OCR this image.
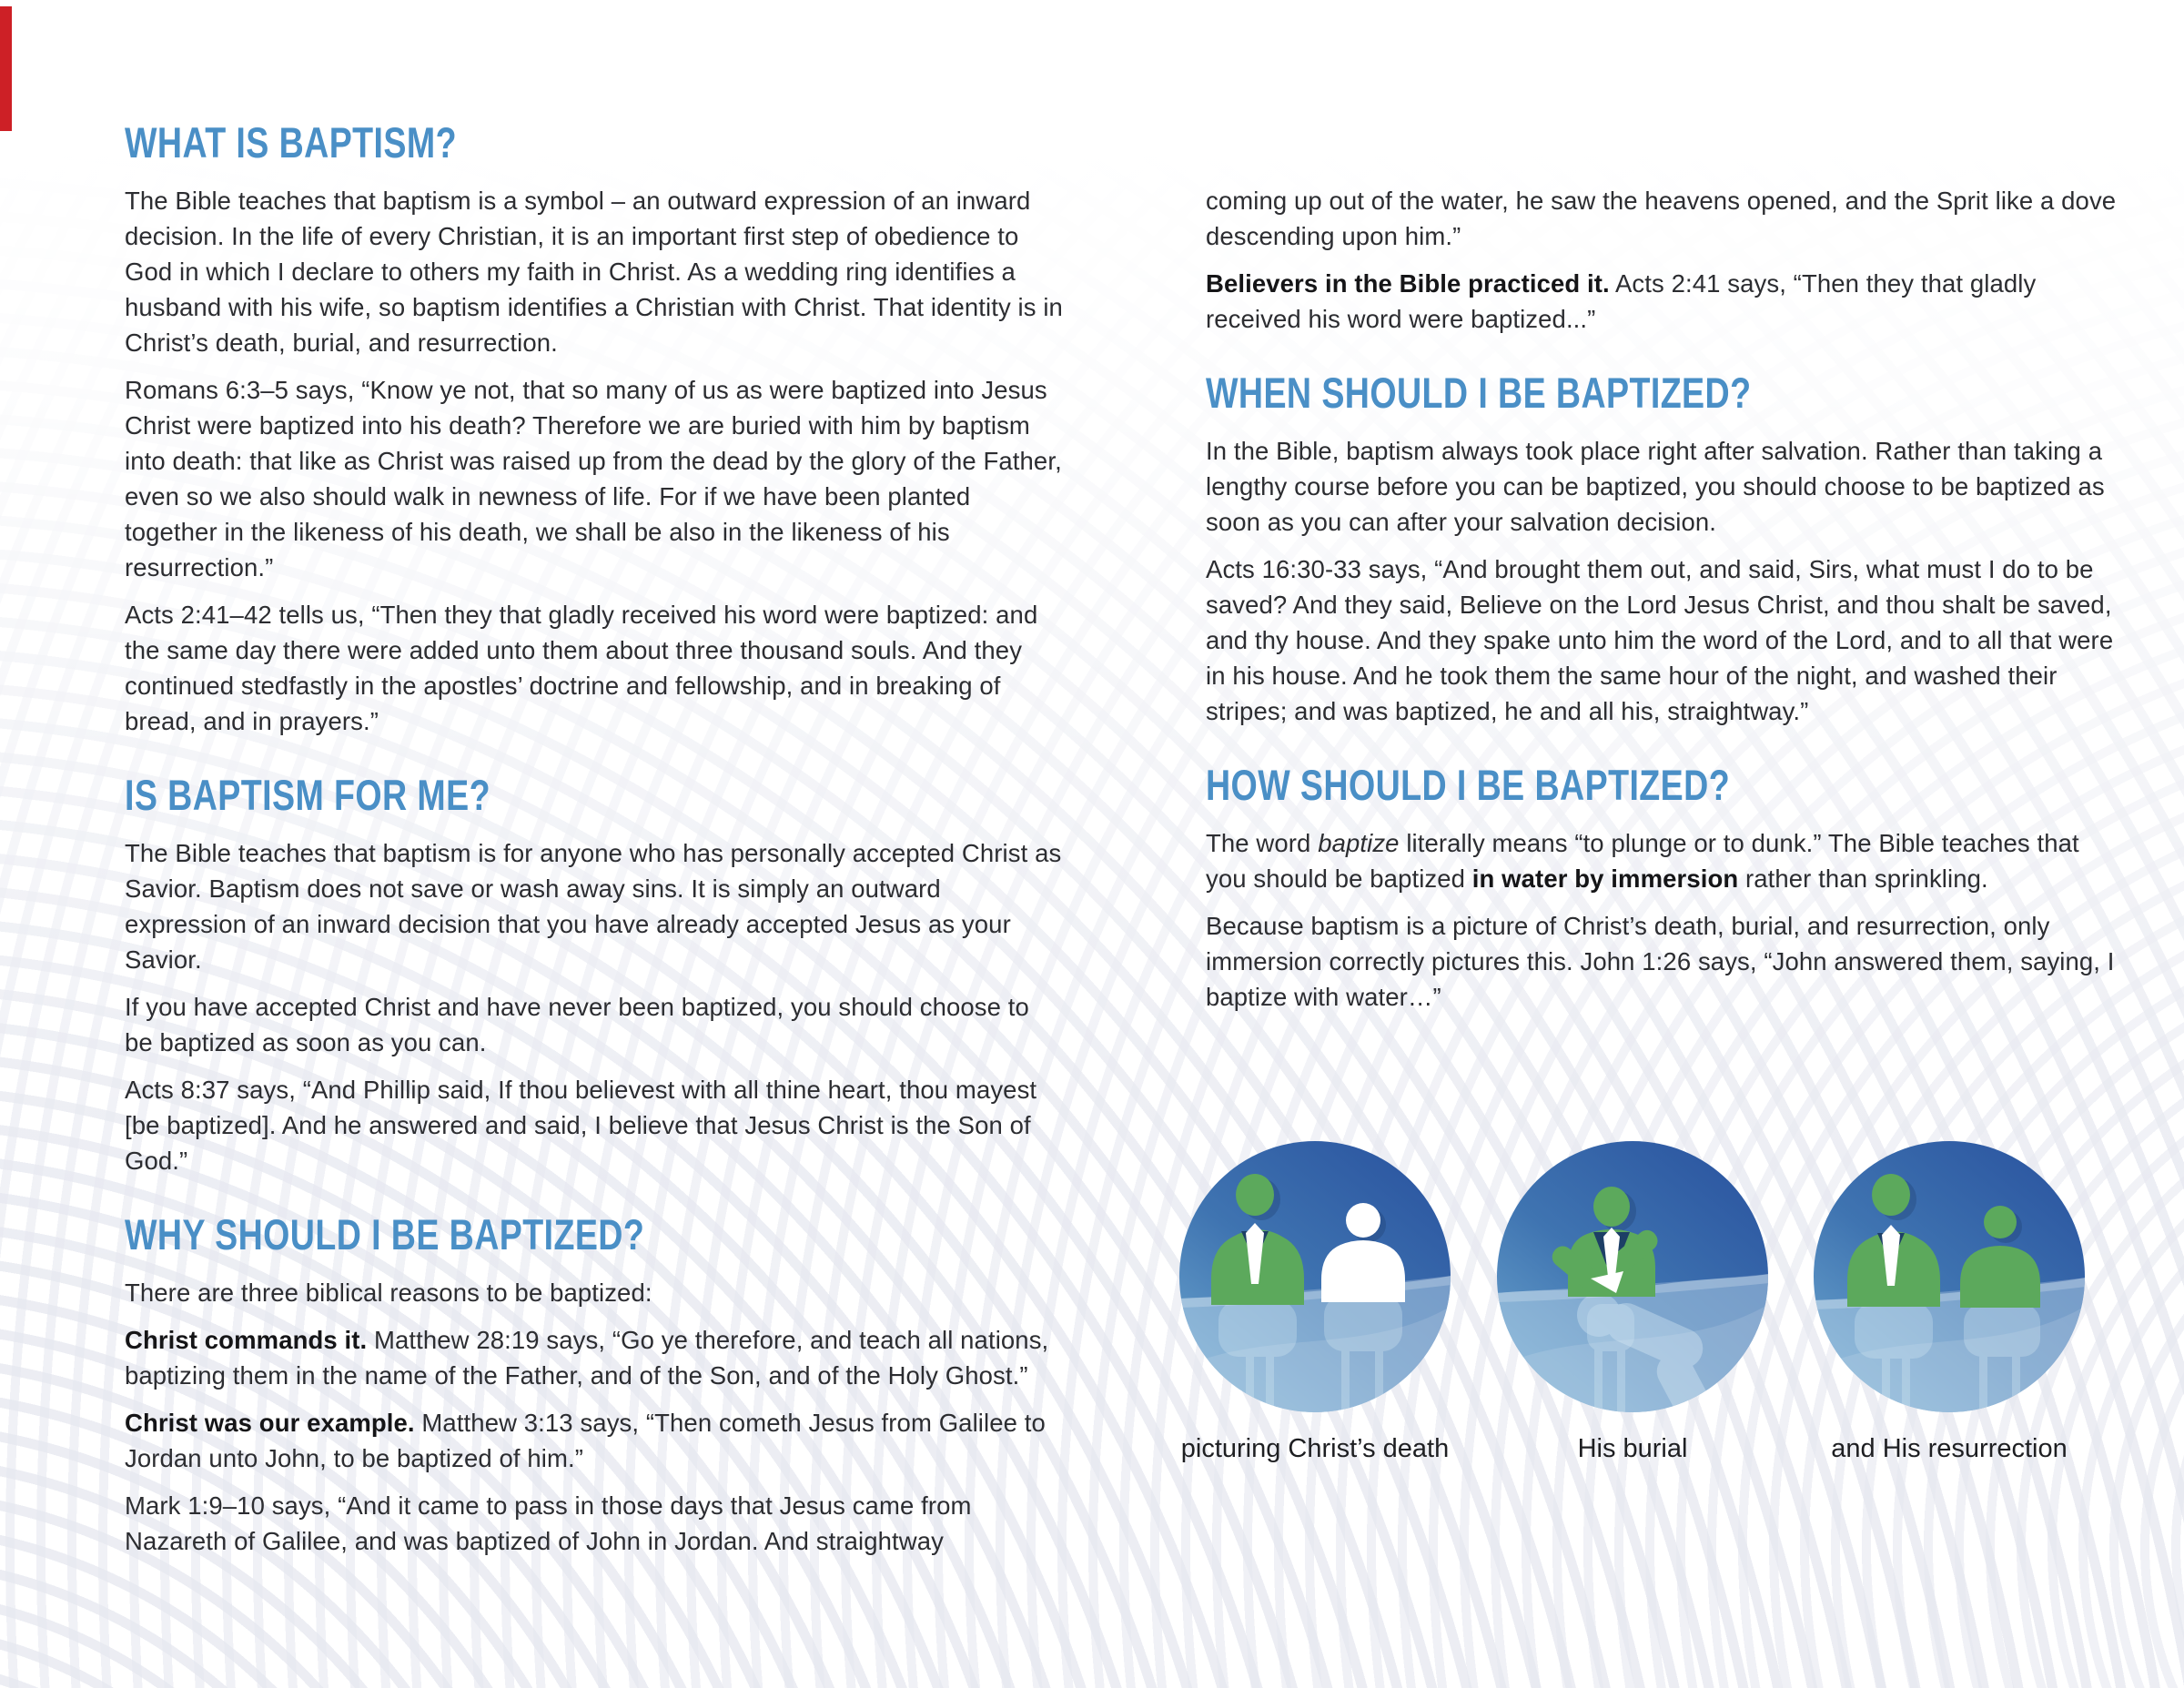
WHAT IS BAPTISM?

The Bible teaches that baptism is a symbol – an outward expression of an inward decision. In the life of every Christian, it is an important first step of obedience to God in which I declare to others my faith in Christ. As a wedding ring identifies a husband with his wife, so baptism identifies a Christian with Christ. That identity is in Christ’s death, burial, and resurrection.

Romans 6:3–5 says, “Know ye not, that so many of us as were baptized into Jesus Christ were baptized into his death? Therefore we are buried with him by baptism into death: that like as Christ was raised up from the dead by the glory of the Father, even so we also should walk in newness of life. For if we have been planted together in the likeness of his death, we shall be also in the likeness of his resurrection.”

Acts 2:41–42 tells us, “Then they that gladly received his word were baptized: and the same day there were added unto them about three thousand souls. And they continued stedfastly in the apostles’ doctrine and fellowship, and in breaking of bread, and in prayers.”

IS BAPTISM FOR ME?

The Bible teaches that baptism is for anyone who has personally accepted Christ as Savior. Baptism does not save or wash away sins. It is simply an outward expression of an inward decision that you have already accepted Jesus as your Savior.

If you have accepted Christ and have never been baptized, you should choose to be baptized as soon as you can.

Acts 8:37 says, “And Phillip said, If thou believest with all thine heart, thou mayest [be baptized]. And he answered and said, I believe that Jesus Christ is the Son of God.”

WHY SHOULD I BE BAPTIZED?

There are three biblical reasons to be baptized:

Christ commands it. Matthew 28:19 says, “Go ye therefore, and teach all nations, baptizing them in the name of the Father, and of the Son, and of the Holy Ghost.”

Christ was our example. Matthew 3:13 says, “Then cometh Jesus from Galilee to Jordan unto John, to be baptized of him.”

Mark 1:9–10 says, “And it came to pass in those days that Jesus came from Nazareth of Galilee, and was baptized of John in Jordan. And straightway

coming up out of the water, he saw the heavens opened, and the Sprit like a dove descending upon him.”

Believers in the Bible practiced it. Acts 2:41 says, “Then they that gladly received his word were baptized...”

WHEN SHOULD I BE BAPTIZED?

In the Bible, baptism always took place right after salvation. Rather than taking a lengthy course before you can be baptized, you should choose to be baptized as soon as you can after your salvation decision.

Acts 16:30-33 says, “And brought them out, and said, Sirs, what must I do to be saved? And they said, Believe on the Lord Jesus Christ, and thou shalt be saved, and thy house. And they spake unto him the word of the Lord, and to all that were in his house. And he took them the same hour of the night, and washed their stripes; and was baptized, he and all his, straightway.”

HOW SHOULD I BE BAPTIZED?

The word baptize literally means “to plunge or to dunk.” The Bible teaches that you should be baptized in water by immersion rather than sprinkling.

Because baptism is a picture of Christ’s death, burial, and resurrection, only immersion correctly pictures this. John 1:26 says, “John answered them, saying, I baptize with water…”

picturing Christ’s death	His burial	and His resurrection
